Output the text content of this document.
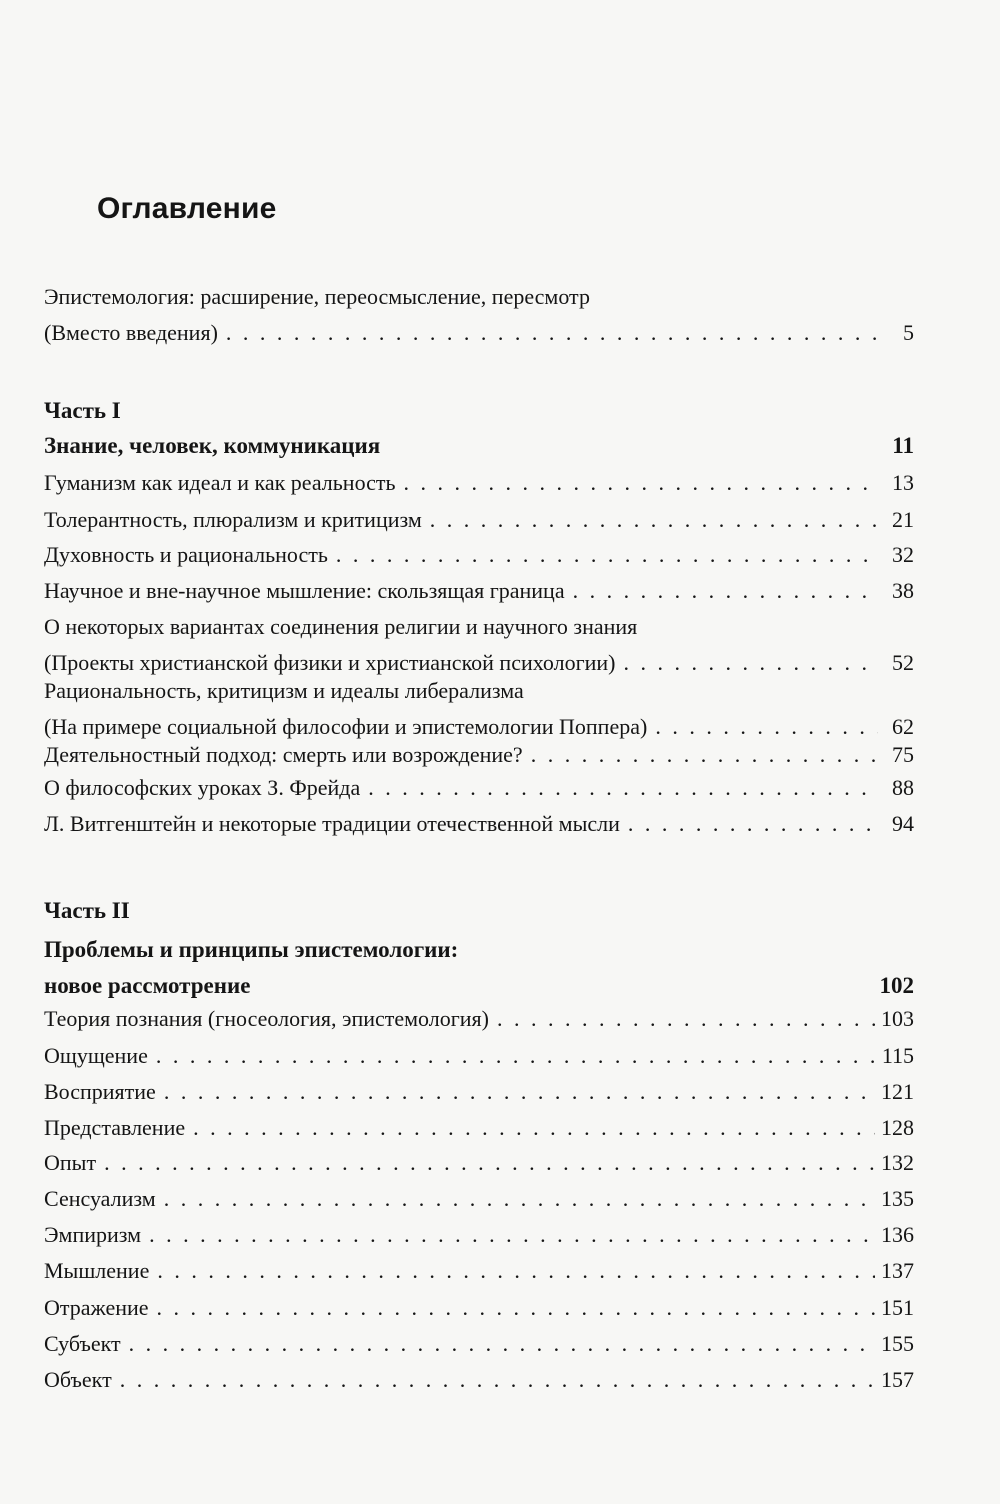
Оглавление
Эпистемология: расширение, переосмысление, пересмотр
(Вместо введения) . . .	5
Часть I
Знание, человек, коммуникация	11
Гуманизм как идеал и как реальность . . .	13
Толерантность, плюрализм и критицизм . . .	21
Духовность и рациональность . . .	32
Научное и вне-научное мышление: скользящая граница . . .	38
О некоторых вариантах соединения религии и научного знания
(Проекты христианской физики и христианской психологии) . . .	52
Рациональность, критицизм и идеалы либерализма
(На примере социальной философии и эпистемологии Поппера) . . .	62
Деятельностный подход: смерть или возрождение? . . .	75
О философских уроках З. Фрейда . . .	88
Л. Витгенштейн и некоторые традиции отечественной мысли . . .	94
Часть II
Проблемы и принципы эпистемологии:
новое рассмотрение	102
Теория познания (гносеология, эпистемология) . . .	103
Ощущение . . .	115
Восприятие . . .	121
Представление . . .	128
Опыт . . .	132
Сенсуализм . . .	135
Эмпиризм . . .	136
Мышление . . .	137
Отражение . . .	151
Субъект . . .	155
Объект . . .	157
